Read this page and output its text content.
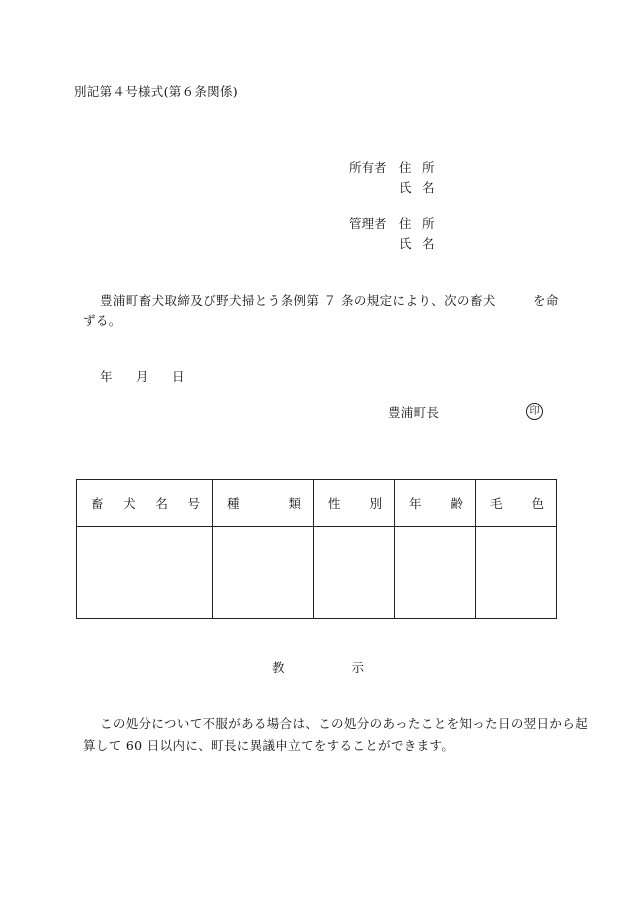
別記第４号様式(第６条関係)
所有者 住 所
氏 名
管理者 住 所
氏 名
豊浦町畜犬取締及び野犬掃とう条例第 ７ 条の規定により、次の畜犬	を命
ずる。
年 月 日
豊浦町長	印
畜 犬 名 号	種 類	性 別	年 齢	毛 色

教	示
この処分について不服がある場合は、この処分のあったことを知った日の翌日から起
算して 60 日以内に、町長に異議申立てをすることができます。
